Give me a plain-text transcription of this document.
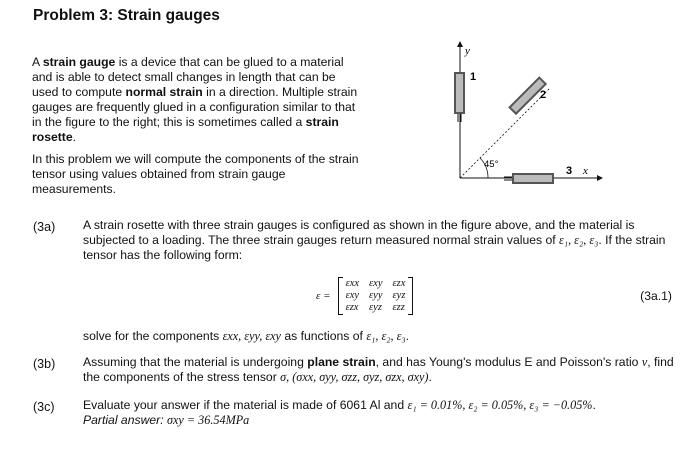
Problem 3: Strain gauges

A strain gauge is a device that can be glued to a material and is able to detect small changes in length that can be used to compute normal strain in a direction. Multiple strain gauges are frequently glued in a configuration similar to that in the figure to the right; this is sometimes called a strain rosette.

In this problem we will compute the components of the strain tensor using values obtained from strain gauge measurements.

y
x
1
2
3
45°
(3a) A strain rosette with three strain gauges is configured as shown in the figure above, and the material is subjected to a loading. The three strain gauges return measured normal strain values of ε₁, ε₂, ε₃. If the strain tensor has the following form:
ε =
εxx	εxy	εzx
εxy	εyy	εyz
εzx	εyz	εzz
(3a.1)
solve for the components εxx, εyy, εxy as functions of ε₁, ε₂, ε₃.
(3b) Assuming that the material is undergoing plane strain, and has Young's modulus E and Poisson's ratio ν, find the components of the stress tensor σ, (σxx, σyy, σzz, σyz, σzx, σxy).
(3c) Evaluate your answer if the material is made of 6061 Al and ε₁ = 0.01%, ε₂ = 0.05%, ε₃ = −0.05%.
Partial answer: σxy = 36.54MPa
